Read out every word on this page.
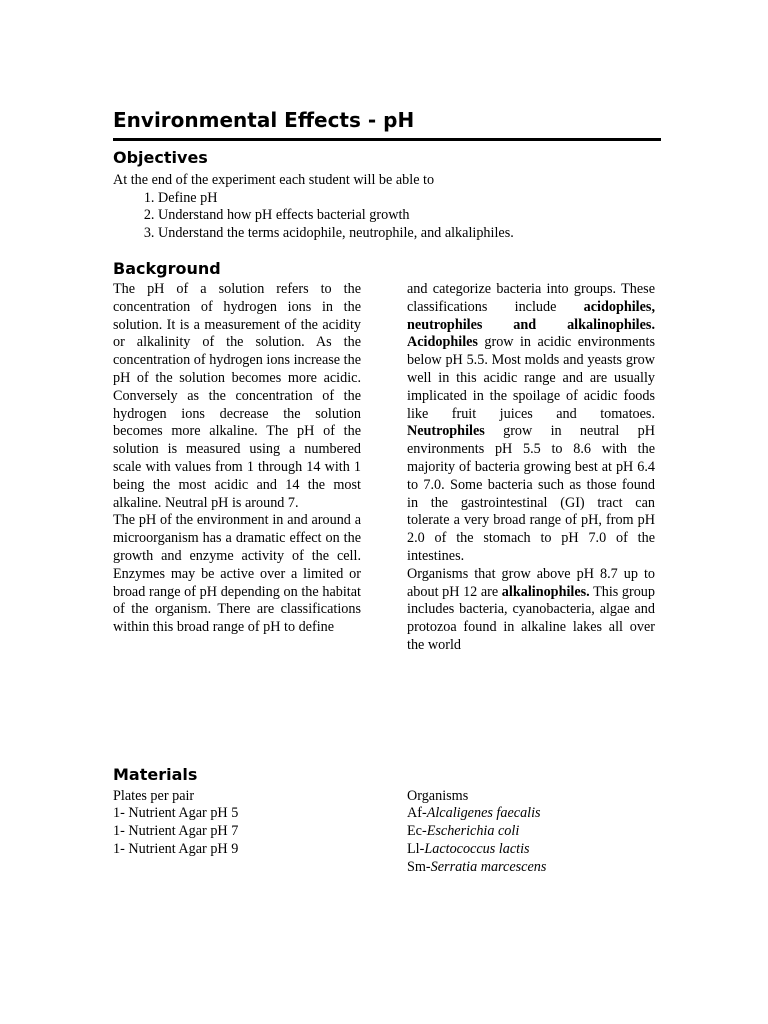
Environmental Effects - pH
Objectives

At the end of the experiment each student will be able to

1. Define pH
2. Understand how pH effects bacterial growth
3. Understand the terms acidophile, neutrophile, and alkaliphiles.
Background

The pH of a solution refers to the concentration of hydrogen ions in the solution. It is a measurement of the acidity or alkalinity of the solution. As the concentration of hydrogen ions increase the pH of the solution becomes more acidic. Conversely as the concentration of the hydrogen ions decrease the solution becomes more alkaline. The pH of the solution is measured using a numbered scale with values from 1 through 14 with 1 being the most acidic and 14 the most alkaline. Neutral pH is around 7.

The pH of the environment in and around a microorganism has a dramatic effect on the growth and enzyme activity of the cell. Enzymes may be active over a limited or broad range of pH depending on the habitat of the organism. There are classifications within this broad range of pH to define

and categorize bacteria into groups. These classifications include acidophiles, neutrophiles and alkalinophiles. Acidophiles grow in acidic environments below pH 5.5. Most molds and yeasts grow well in this acidic range and are usually implicated in the spoilage of acidic foods like fruit juices and tomatoes. Neutrophiles grow in neutral pH environments pH 5.5 to 8.6 with the majority of bacteria growing best at pH 6.4 to 7.0. Some bacteria such as those found in the gastrointestinal (GI) tract can tolerate a very broad range of pH, from pH 2.0 of the stomach to pH 7.0 of the intestines.

Organisms that grow above pH 8.7 up to about pH 12 are alkalinophiles. This group includes bacteria, cyanobacteria, algae and protozoa found in alkaline lakes all over the world

Materials
Plates per pair
1- Nutrient Agar pH 5
1- Nutrient Agar pH 7
1- Nutrient Agar pH 9
Organisms
Af-Alcaligenes faecalis
Ec-Escherichia coli
Ll-Lactococcus lactis
Sm-Serratia marcescens
